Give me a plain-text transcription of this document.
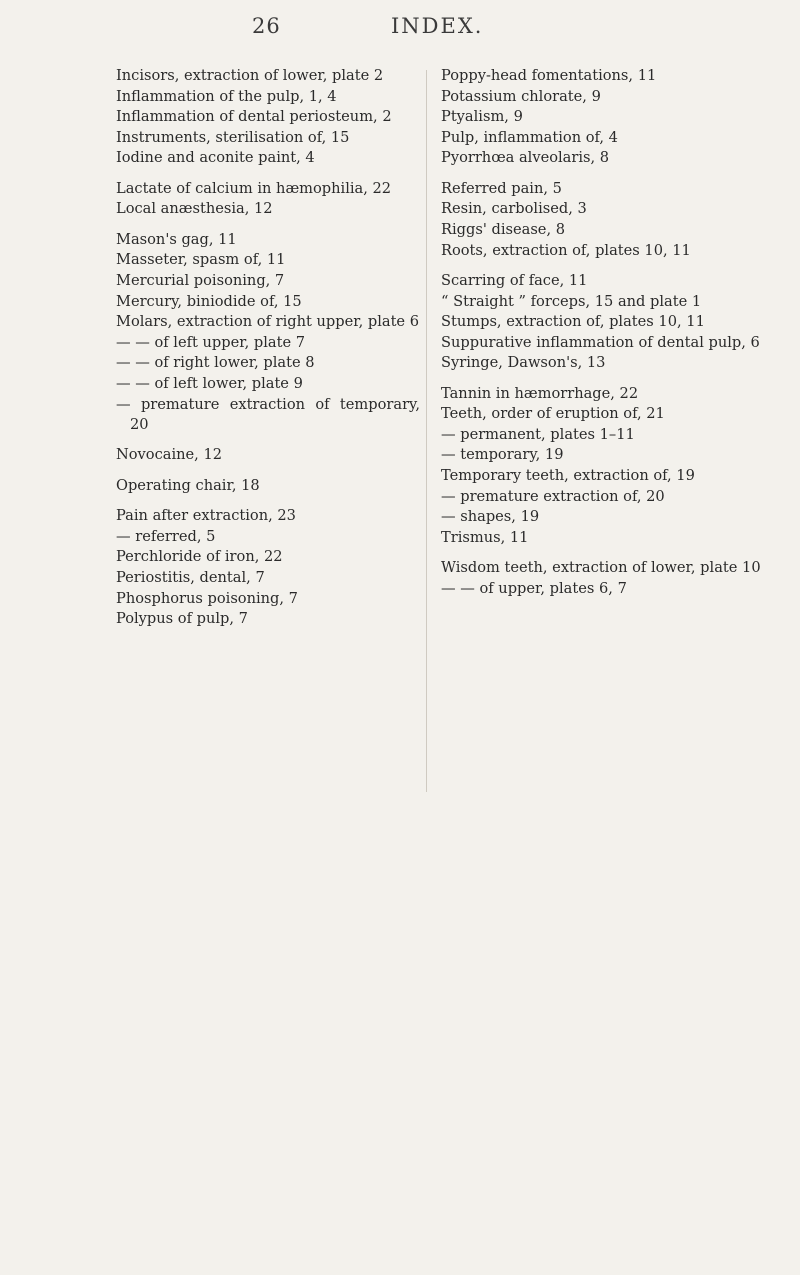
26	INDEX.
Incisors, extraction of lower, plate 2
Inflammation of the pulp, 1, 4
Inflammation of dental periosteum, 2
Instruments, sterilisation of, 15
Iodine and aconite paint, 4
Lactate of calcium in hæmophilia, 22
Local anæsthesia, 12
Mason's gag, 11
Masseter, spasm of, 11
Mercurial poisoning, 7
Mercury, biniodide of, 15
Molars, extraction of right upper, plate 6
— — of left upper, plate 7
— — of right lower, plate 8
— — of left lower, plate 9
— premature extraction of temporary, 20
Novocaine, 12
Operating chair, 18
Pain after extraction, 23
— referred, 5
Perchloride of iron, 22
Periostitis, dental, 7
Phosphorus poisoning, 7
Polypus of pulp, 7
Poppy-head fomentations, 11
Potassium chlorate, 9
Ptyalism, 9
Pulp, inflammation of, 4
Pyorrhœa alveolaris, 8
Referred pain, 5
Resin, carbolised, 3
Riggs' disease, 8
Roots, extraction of, plates 10, 11
Scarring of face, 11
“ Straight ” forceps, 15 and plate 1
Stumps, extraction of, plates 10, 11
Suppurative inflammation of dental pulp, 6
Syringe, Dawson's, 13
Tannin in hæmorrhage, 22
Teeth, order of eruption of, 21
— permanent, plates 1–11
— temporary, 19
Temporary teeth, extraction of, 19
— premature extraction of, 20
— shapes, 19
Trismus, 11
Wisdom teeth, extraction of lower, plate 10
— — of upper, plates 6, 7
